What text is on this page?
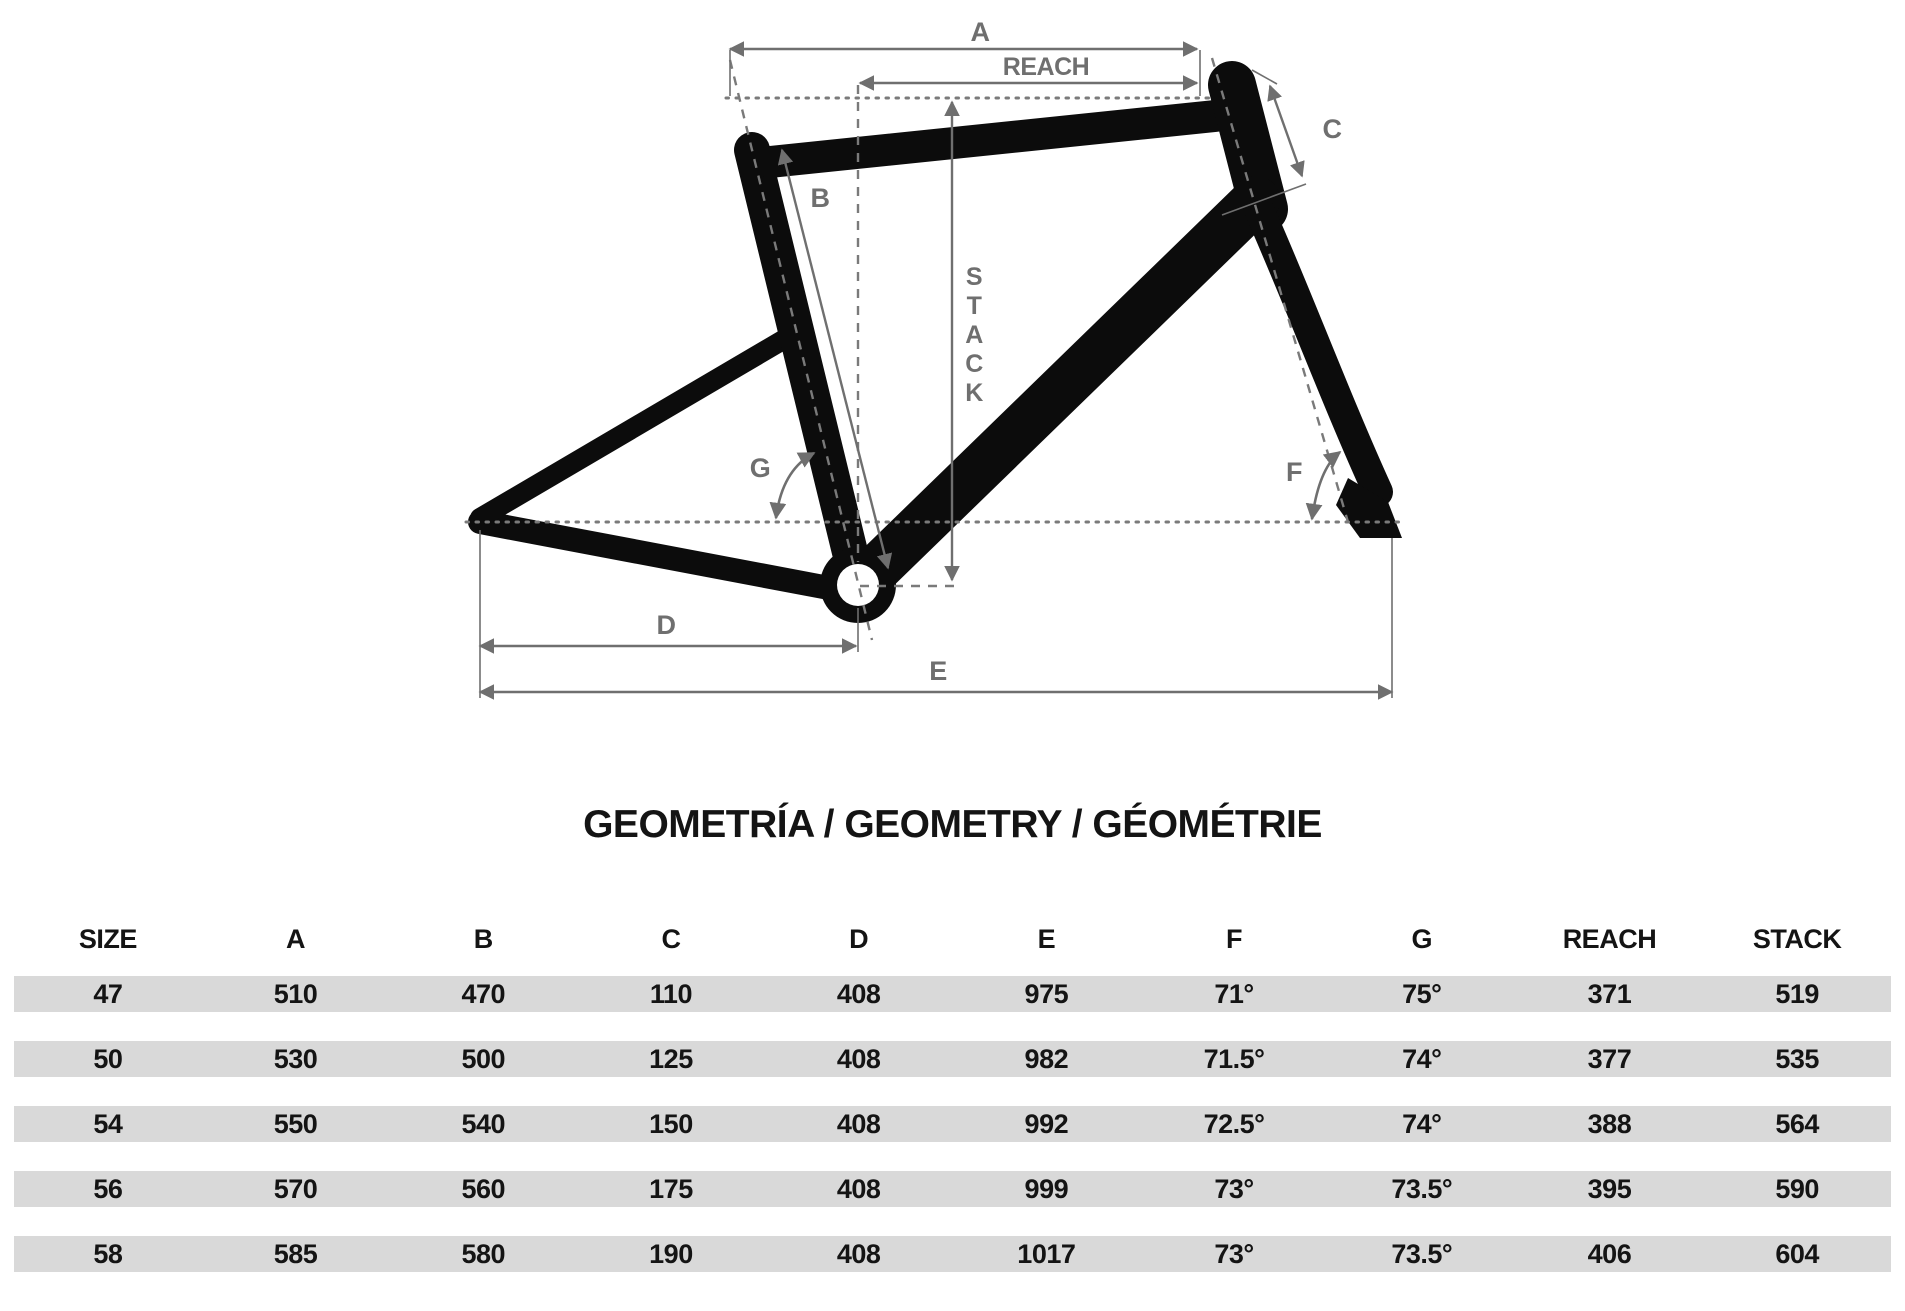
A
REACH
S T A C K
B
C
F
G
D
E
GEOMETRÍA / GEOMETRY / GÉOMÉTRIE
SIZE	A	B	C	D	E	F	G	REACH	STACK
47	510	470	110	408	975	71°	75°	371	519
50	530	500	125	408	982	71.5°	74°	377	535
54	550	540	150	408	992	72.5°	74°	388	564
56	570	560	175	408	999	73°	73.5°	395	590
58	585	580	190	408	1017	73°	73.5°	406	604
